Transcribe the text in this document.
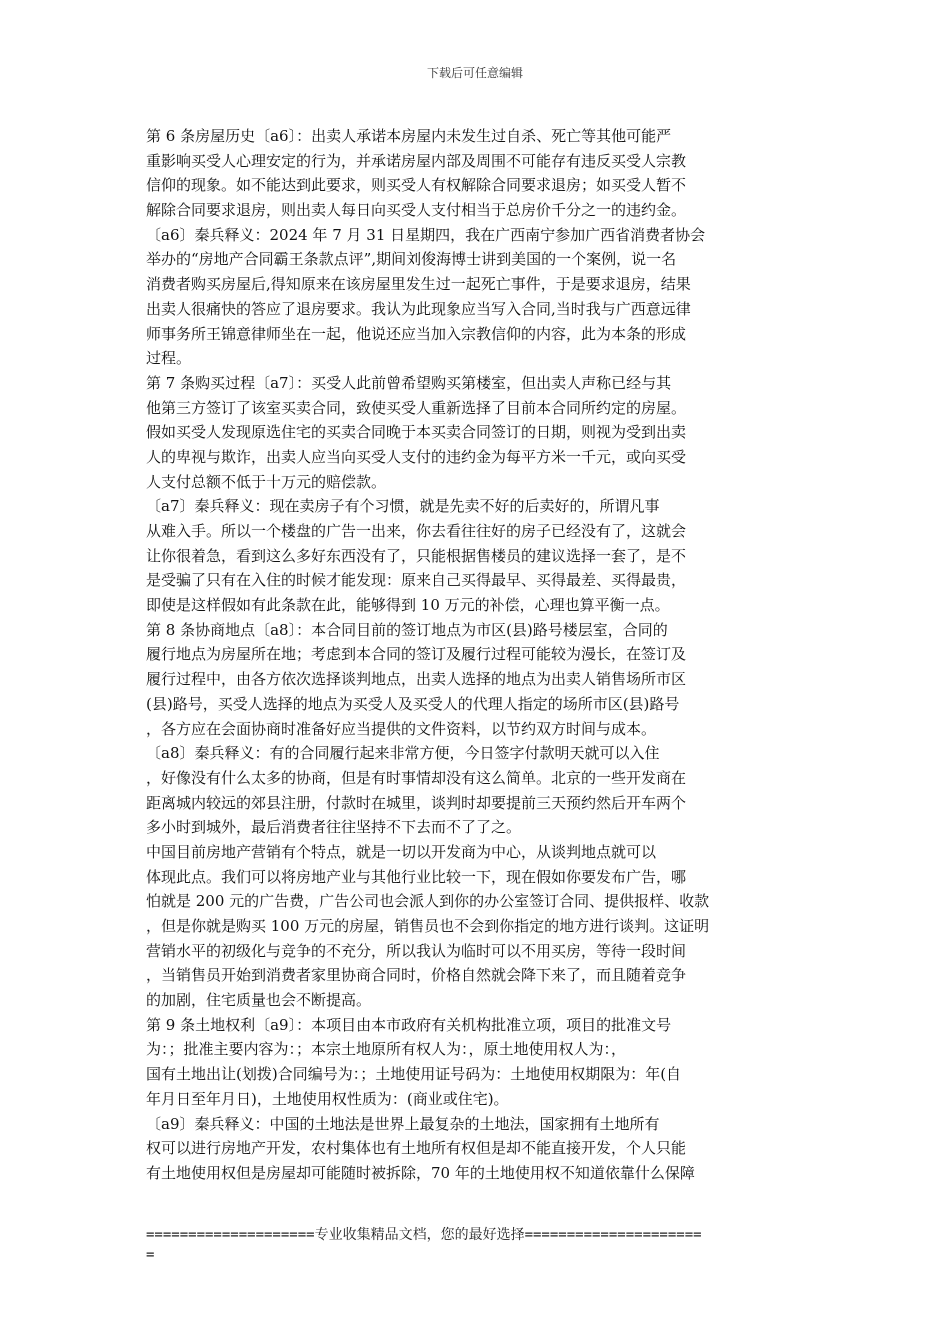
下载后可任意编辑
第 6 条房屋历史〔a6〕：出卖人承诺本房屋内未发生过自杀、死亡等其他可能严
重影响买受人心理安定的行为，并承诺房屋内部及周围不可能存有违反买受人宗教
信仰的现象。如不能达到此要求，则买受人有权解除合同要求退房；如买受人暂不
解除合同要求退房，则出卖人每日向买受人支付相当于总房价千分之一的违约金。
〔a6〕秦兵释义：2024 年 7 月 31 日星期四，我在广西南宁参加广西省消费者协会
举办的“房地产合同霸王条款点评”,期间刘俊海博士讲到美国的一个案例，说一名
消费者购买房屋后,得知原来在该房屋里发生过一起死亡事件，于是要求退房，结果
出卖人很痛快的答应了退房要求。我认为此现象应当写入合同,当时我与广西意远律
师事务所王锦意律师坐在一起，他说还应当加入宗教信仰的内容，此为本条的形成
过程。
第 7 条购买过程〔a7〕：买受人此前曾希望购买第楼室，但出卖人声称已经与其
他第三方签订了该室买卖合同，致使买受人重新选择了目前本合同所约定的房屋。
假如买受人发现原选住宅的买卖合同晚于本买卖合同签订的日期，则视为受到出卖
人的卑视与欺诈，出卖人应当向买受人支付的违约金为每平方米一千元，或向买受
人支付总额不低于十万元的赔偿款。
〔a7〕秦兵释义：现在卖房子有个习惯，就是先卖不好的后卖好的，所谓凡事
从难入手。所以一个楼盘的广告一出来，你去看往往好的房子已经没有了，这就会
让你很着急，看到这么多好东西没有了，只能根据售楼员的建议选择一套了，是不
是受骗了只有在入住的时候才能发现：原来自己买得最早、买得最差、买得最贵，
即使是这样假如有此条款在此，能够得到 10 万元的补偿，心理也算平衡一点。
第 8 条协商地点〔a8〕：本合同目前的签订地点为市区(县)路号楼层室，合同的
履行地点为房屋所在地；考虑到本合同的签订及履行过程可能较为漫长，在签订及
履行过程中，由各方依次选择谈判地点，出卖人选择的地点为出卖人销售场所市区
(县)路号，买受人选择的地点为买受人及买受人的代理人指定的场所市区(县)路号
，各方应在会面协商时准备好应当提供的文件资料，以节约双方时间与成本。
〔a8〕秦兵释义：有的合同履行起来非常方便，今日签字付款明天就可以入住
，好像没有什么太多的协商，但是有时事情却没有这么简单。北京的一些开发商在
距离城内较远的郊县注册，付款时在城里，谈判时却要提前三天预约然后开车两个
多小时到城外，最后消费者往往坚持不下去而不了了之。
中国目前房地产营销有个特点，就是一切以开发商为中心，从谈判地点就可以
体现此点。我们可以将房地产业与其他行业比较一下，现在假如你要发布广告，哪
怕就是 200 元的广告费，广告公司也会派人到你的办公室签订合同、提供报样、收款
，但是你就是购买 100 万元的房屋，销售员也不会到你指定的地方进行谈判。这证明
营销水平的初级化与竞争的不充分，所以我认为临时可以不用买房，等待一段时间
，当销售员开始到消费者家里协商合同时，价格自然就会降下来了，而且随着竞争
的加剧，住宅质量也会不断提高。
第 9 条土地权利〔a9〕：本项目由本市政府有关机构批准立项，项目的批准文号
为：；批准主要内容为：；本宗土地原所有权人为：，原土地使用权人为：，
国有土地出让(划拨)合同编号为：；土地使用证号码为：土地使用权期限为：年(自
年月日至年月日)，土地使用权性质为：(商业或住宅)。
〔a9〕秦兵释义：中国的土地法是世界上最复杂的土地法，国家拥有土地所有
权可以进行房地产开发，农村集体也有土地所有权但是却不能直接开发，个人只能
有土地使用权但是房屋却可能随时被拆除，70 年的土地使用权不知道依靠什么保障
====================专业收集精品文档，您的最好选择=====================
=
